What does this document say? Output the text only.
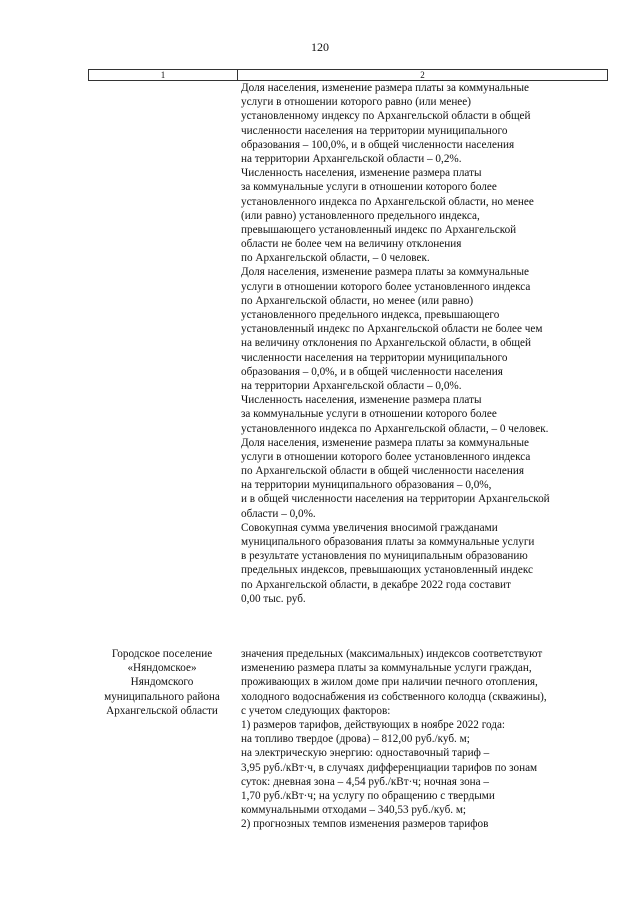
120
1	2
Доля населения, изменение размера платы за коммунальные
услуги в отношении которого равно (или менее)
установленному индексу по Архангельской области в общей
численности населения на территории муниципального
образования – 100,0%, и в общей численности населения
на территории Архангельской области – 0,2%.
Численность населения, изменение размера платы
за коммунальные услуги в отношении которого более
установленного индекса по Архангельской области, но менее
(или равно) установленного предельного индекса,
превышающего установленный индекс по Архангельской
области не более чем на величину отклонения
по Архангельской области, – 0 человек.
Доля населения, изменение размера платы за коммунальные
услуги в отношении которого более установленного индекса
по Архангельской области, но менее (или равно)
установленного предельного индекса, превышающего
установленный индекс по Архангельской области не более чем
на величину отклонения по Архангельской области, в общей
численности населения на территории муниципального
образования – 0,0%, и в общей численности населения
на территории Архангельской области – 0,0%.
Численность населения, изменение размера платы
за коммунальные услуги в отношении которого более
установленного индекса по Архангельской области, – 0 человек.
Доля населения, изменение размера платы за коммунальные
услуги в отношении которого более установленного индекса
по Архангельской области в общей численности населения
на территории муниципального образования – 0,0%,
и в общей численности населения на территории Архангельской
области – 0,0%.
Совокупная сумма увеличения вносимой гражданами
муниципального образования платы за коммунальные услуги
в результате установления по муниципальным образованию
предельных индексов, превышающих установленный индекс
по Архангельской области, в декабре 2022 года составит
0,00 тыс. руб.
Городское поселение
«Няндомское»
Няндомского
муниципального района
Архангельской области
значения предельных (максимальных) индексов соответствуют
изменению размера платы за коммунальные услуги граждан,
проживающих в жилом доме при наличии печного отопления,
холодного водоснабжения из собственного колодца (скважины),
с учетом следующих факторов:
1) размеров тарифов, действующих в ноябре 2022 года:
на топливо твердое (дрова) – 812,00 руб./куб. м;
на электрическую энергию: одноставочный тариф –
3,95 руб./кВт·ч, в случаях дифференциации тарифов по зонам
суток: дневная зона – 4,54 руб./кВт·ч; ночная зона –
1,70 руб./кВт·ч; на услугу по обращению с твердыми
коммунальными отходами – 340,53 руб./куб. м;
2) прогнозных темпов изменения размеров тарифов
